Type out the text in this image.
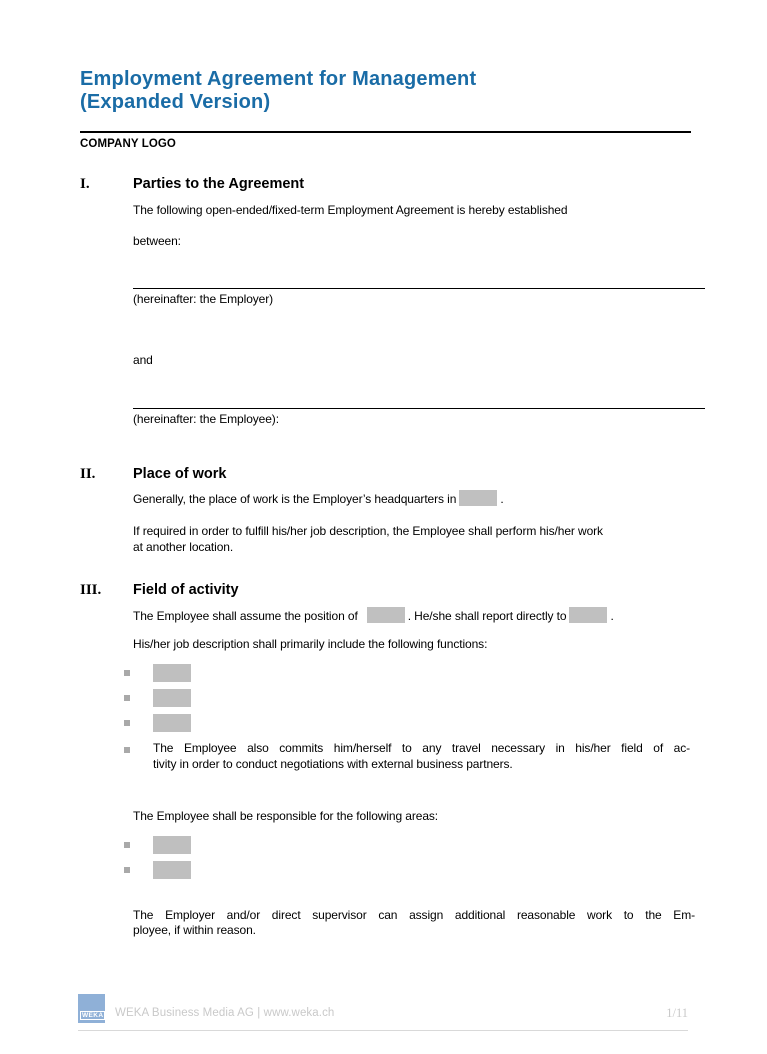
Employment Agreement for Management
(Expanded Version)
COMPANY LOGO
I.	Parties to the Agreement
The following open-ended/fixed-term Employment Agreement is hereby established
between:
(hereinafter: the Employer)
and
(hereinafter: the Employee):
II.	Place of work
Generally, the place of work is the Employer’s headquarters in	.
If required in order to fulfill his/her job description, the Employee shall perform his/her work
at another location.
III.	Field of activity
The Employee shall assume the position of	. He/she shall report directly to	.
His/her job description shall primarily include the following functions:
The Employee also commits him/herself to any travel necessary in his/her field of ac-
tivity in order to conduct negotiations with external business partners.
The Employee shall be responsible for the following areas:
The Employer and/or direct supervisor can assign additional reasonable work to the Em-
ployee, if within reason.
WEKA WEKA Business Media AG | www.weka.ch	1/11
